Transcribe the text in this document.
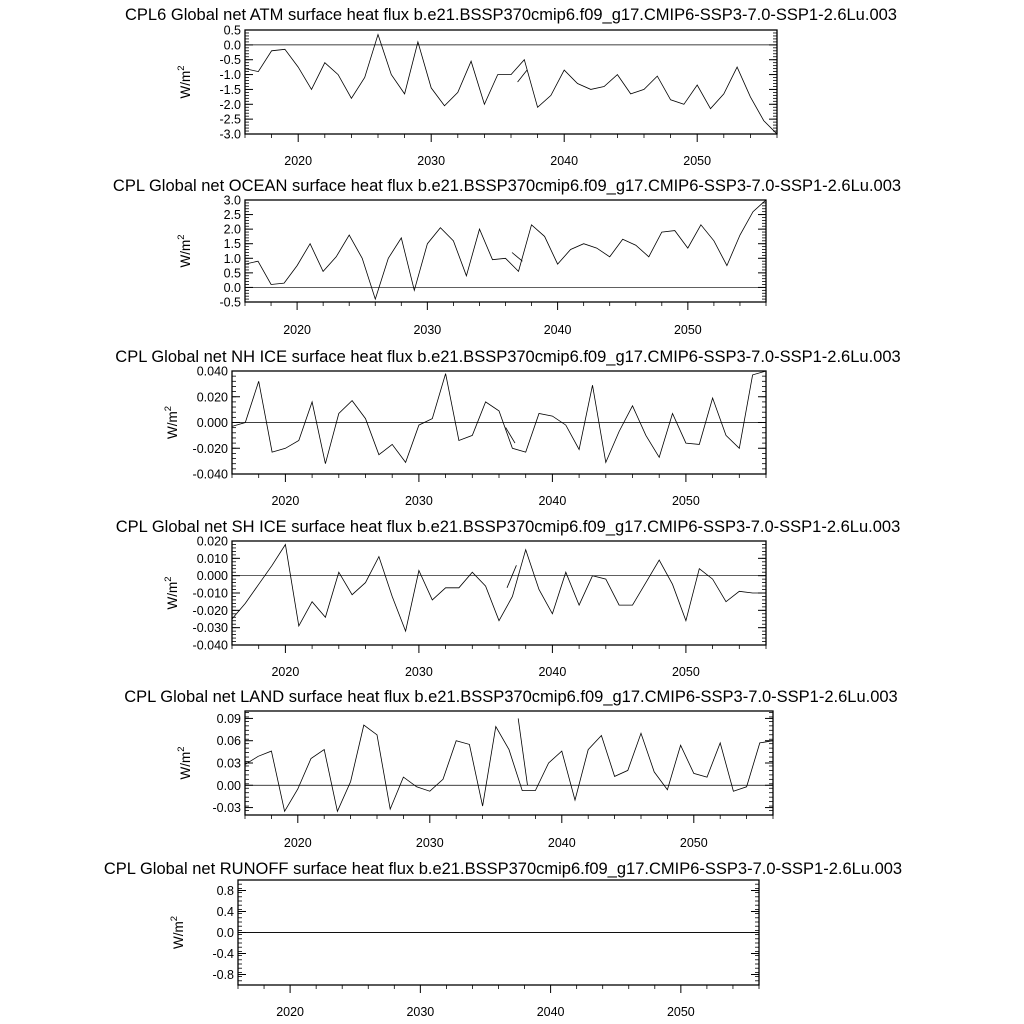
CPL6 Global net ATM surface heat flux b.e21.BSSP370cmip6.f09_g17.CMIP6-SSP3-7.0-SSP1-2.6Lu.003
0.5
0.0
-0.5
-1.0
-1.5
-2.0
-2.5
-3.0
2020	2030	2040	2050
$W/m^2$
CPL Global net OCEAN surface heat flux b.e21.BSSP370cmip6.f09_g17.CMIP6-SSP3-7.0-SSP1-2.6Lu.003
3.0
2.5
2.0
1.5
1.0
0.5
0.0
-0.5
2020	2030	2040	2050
$W/m^2$
CPL Global net NH ICE surface heat flux b.e21.BSSP370cmip6.f09_g17.CMIP6-SSP3-7.0-SSP1-2.6Lu.003
0.040
0.020
0.000
-0.020
-0.040
2020	2030	2040	2050
$W/m^2$
CPL Global net SH ICE surface heat flux b.e21.BSSP370cmip6.f09_g17.CMIP6-SSP3-7.0-SSP1-2.6Lu.003
0.020
0.010
0.000
-0.010
-0.020
-0.030
-0.040
2020	2030	2040	2050
$W/m^2$
CPL Global net LAND surface heat flux b.e21.BSSP370cmip6.f09_g17.CMIP6-SSP3-7.0-SSP1-2.6Lu.003
0.09
0.06
0.03
0.00
-0.03
2020	2030	2040	2050
$W/m^2$
CPL Global net RUNOFF surface heat flux b.e21.BSSP370cmip6.f09_g17.CMIP6-SSP3-7.0-SSP1-2.6Lu.003
0.8
0.4
0.0
-0.4
-0.8
2020	2030	2040	2050
$W/m^2$
